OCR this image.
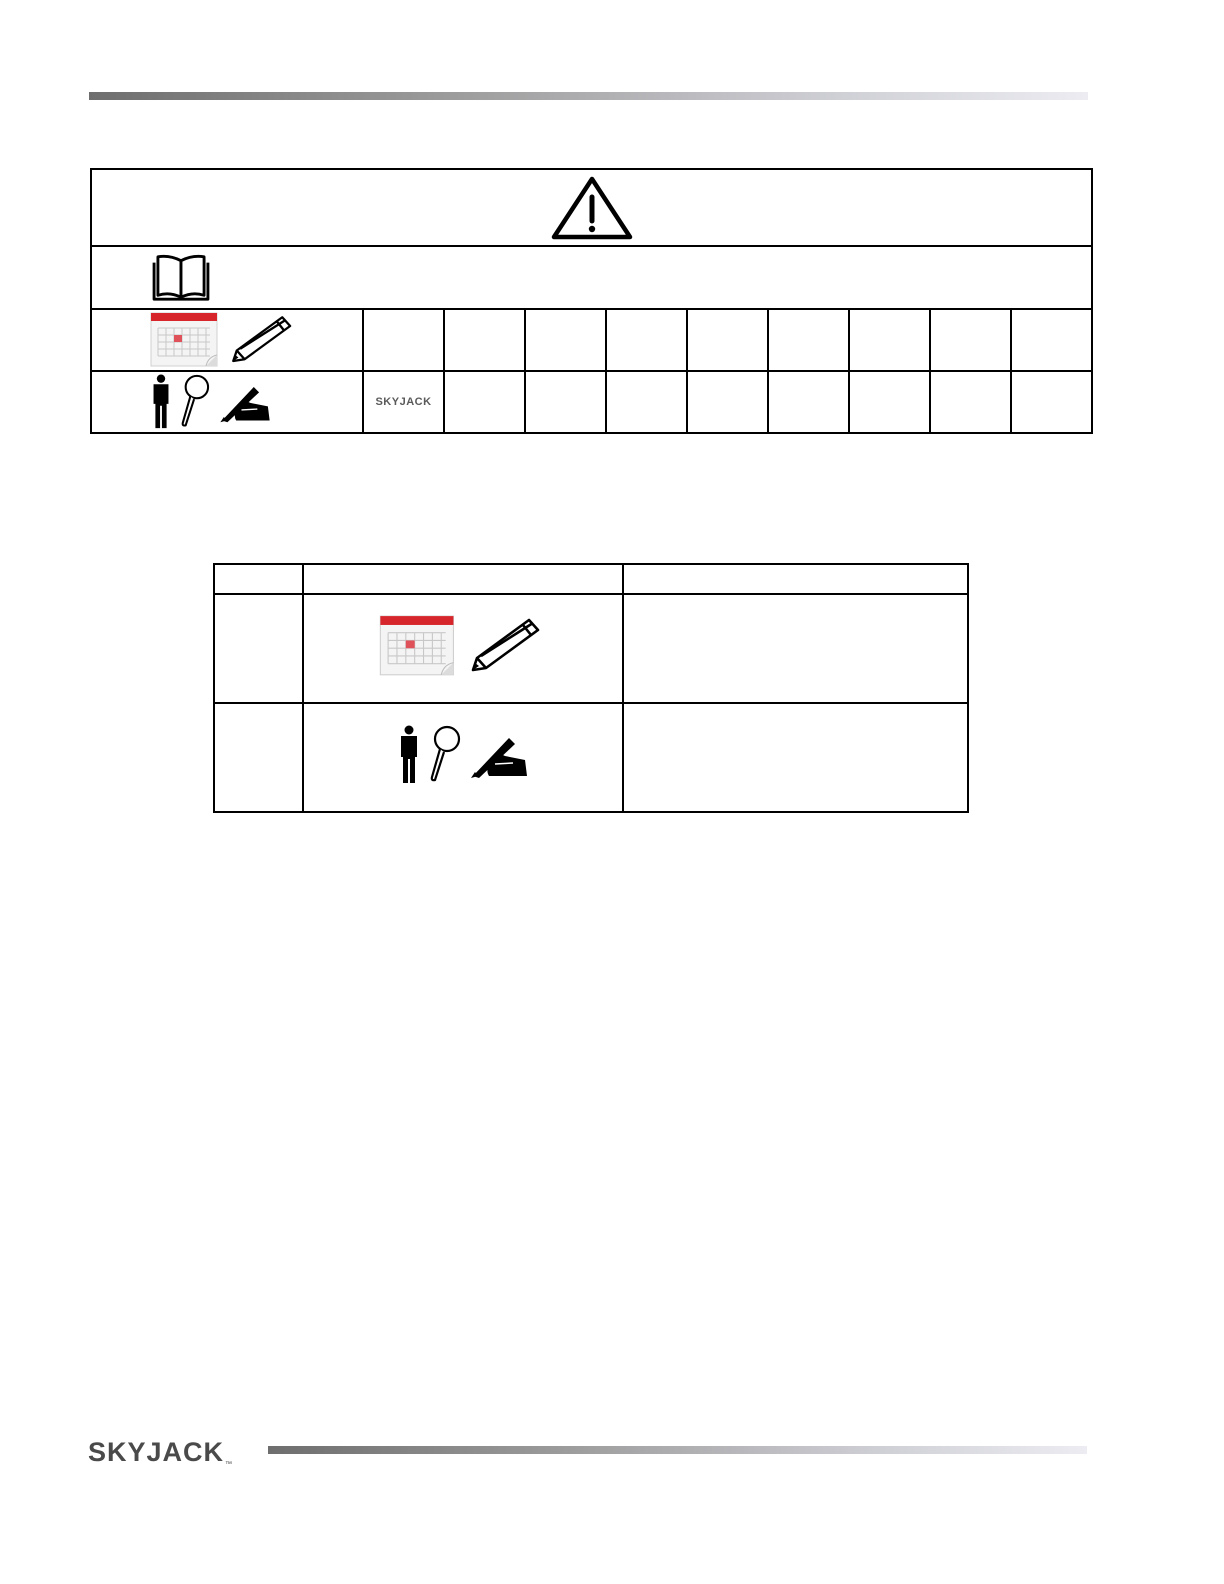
SKYJACK								

SKYJACK ™
